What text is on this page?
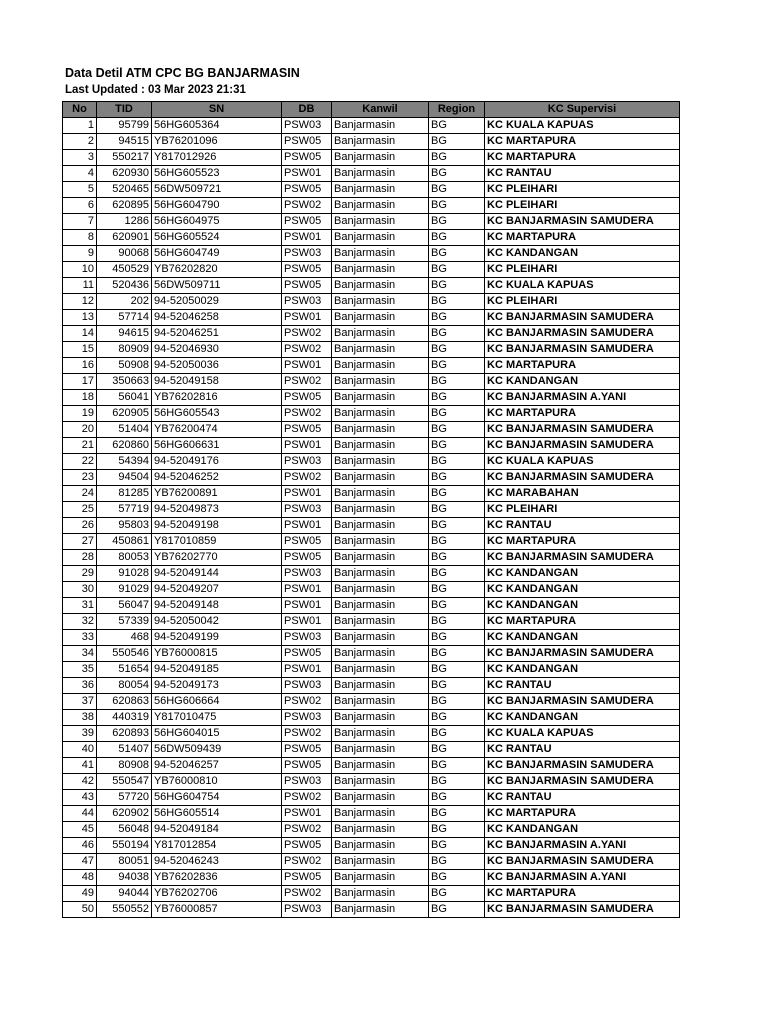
Data Detil ATM CPC BG BANJARMASIN
Last Updated : 03 Mar 2023 21:31
No	TID	SN	DB	Kanwil	Region	KC Supervisi
1	95799	56HG605364	PSW03	Banjarmasin	BG	KC KUALA KAPUAS
2	94515	YB76201096	PSW05	Banjarmasin	BG	KC MARTAPURA
3	550217	Y817012926	PSW05	Banjarmasin	BG	KC MARTAPURA
4	620930	56HG605523	PSW01	Banjarmasin	BG	KC RANTAU
5	520465	56DW509721	PSW05	Banjarmasin	BG	KC PLEIHARI
6	620895	56HG604790	PSW02	Banjarmasin	BG	KC PLEIHARI
7	1286	56HG604975	PSW05	Banjarmasin	BG	KC BANJARMASIN SAMUDERA
8	620901	56HG605524	PSW01	Banjarmasin	BG	KC MARTAPURA
9	90068	56HG604749	PSW03	Banjarmasin	BG	KC KANDANGAN
10	450529	YB76202820	PSW05	Banjarmasin	BG	KC PLEIHARI
11	520436	56DW509711	PSW05	Banjarmasin	BG	KC KUALA KAPUAS
12	202	94-52050029	PSW03	Banjarmasin	BG	KC PLEIHARI
13	57714	94-52046258	PSW01	Banjarmasin	BG	KC BANJARMASIN SAMUDERA
14	94615	94-52046251	PSW02	Banjarmasin	BG	KC BANJARMASIN SAMUDERA
15	80909	94-52046930	PSW02	Banjarmasin	BG	KC BANJARMASIN SAMUDERA
16	50908	94-52050036	PSW01	Banjarmasin	BG	KC MARTAPURA
17	350663	94-52049158	PSW02	Banjarmasin	BG	KC KANDANGAN
18	56041	YB76202816	PSW05	Banjarmasin	BG	KC BANJARMASIN A.YANI
19	620905	56HG605543	PSW02	Banjarmasin	BG	KC MARTAPURA
20	51404	YB76200474	PSW05	Banjarmasin	BG	KC BANJARMASIN SAMUDERA
21	620860	56HG606631	PSW01	Banjarmasin	BG	KC BANJARMASIN SAMUDERA
22	54394	94-52049176	PSW03	Banjarmasin	BG	KC KUALA KAPUAS
23	94504	94-52046252	PSW02	Banjarmasin	BG	KC BANJARMASIN SAMUDERA
24	81285	YB76200891	PSW01	Banjarmasin	BG	KC MARABAHAN
25	57719	94-52049873	PSW03	Banjarmasin	BG	KC PLEIHARI
26	95803	94-52049198	PSW01	Banjarmasin	BG	KC RANTAU
27	450861	Y817010859	PSW05	Banjarmasin	BG	KC MARTAPURA
28	80053	YB76202770	PSW05	Banjarmasin	BG	KC BANJARMASIN SAMUDERA
29	91028	94-52049144	PSW03	Banjarmasin	BG	KC KANDANGAN
30	91029	94-52049207	PSW01	Banjarmasin	BG	KC KANDANGAN
31	56047	94-52049148	PSW01	Banjarmasin	BG	KC KANDANGAN
32	57339	94-52050042	PSW01	Banjarmasin	BG	KC MARTAPURA
33	468	94-52049199	PSW03	Banjarmasin	BG	KC KANDANGAN
34	550546	YB76000815	PSW05	Banjarmasin	BG	KC BANJARMASIN SAMUDERA
35	51654	94-52049185	PSW01	Banjarmasin	BG	KC KANDANGAN
36	80054	94-52049173	PSW03	Banjarmasin	BG	KC RANTAU
37	620863	56HG606664	PSW02	Banjarmasin	BG	KC BANJARMASIN SAMUDERA
38	440319	Y817010475	PSW03	Banjarmasin	BG	KC KANDANGAN
39	620893	56HG604015	PSW02	Banjarmasin	BG	KC KUALA KAPUAS
40	51407	56DW509439	PSW05	Banjarmasin	BG	KC RANTAU
41	80908	94-52046257	PSW05	Banjarmasin	BG	KC BANJARMASIN SAMUDERA
42	550547	YB76000810	PSW03	Banjarmasin	BG	KC BANJARMASIN SAMUDERA
43	57720	56HG604754	PSW02	Banjarmasin	BG	KC RANTAU
44	620902	56HG605514	PSW01	Banjarmasin	BG	KC MARTAPURA
45	56048	94-52049184	PSW02	Banjarmasin	BG	KC KANDANGAN
46	550194	Y817012854	PSW05	Banjarmasin	BG	KC BANJARMASIN A.YANI
47	80051	94-52046243	PSW02	Banjarmasin	BG	KC BANJARMASIN SAMUDERA
48	94038	YB76202836	PSW05	Banjarmasin	BG	KC BANJARMASIN A.YANI
49	94044	YB76202706	PSW02	Banjarmasin	BG	KC MARTAPURA
50	550552	YB76000857	PSW03	Banjarmasin	BG	KC BANJARMASIN SAMUDERA
